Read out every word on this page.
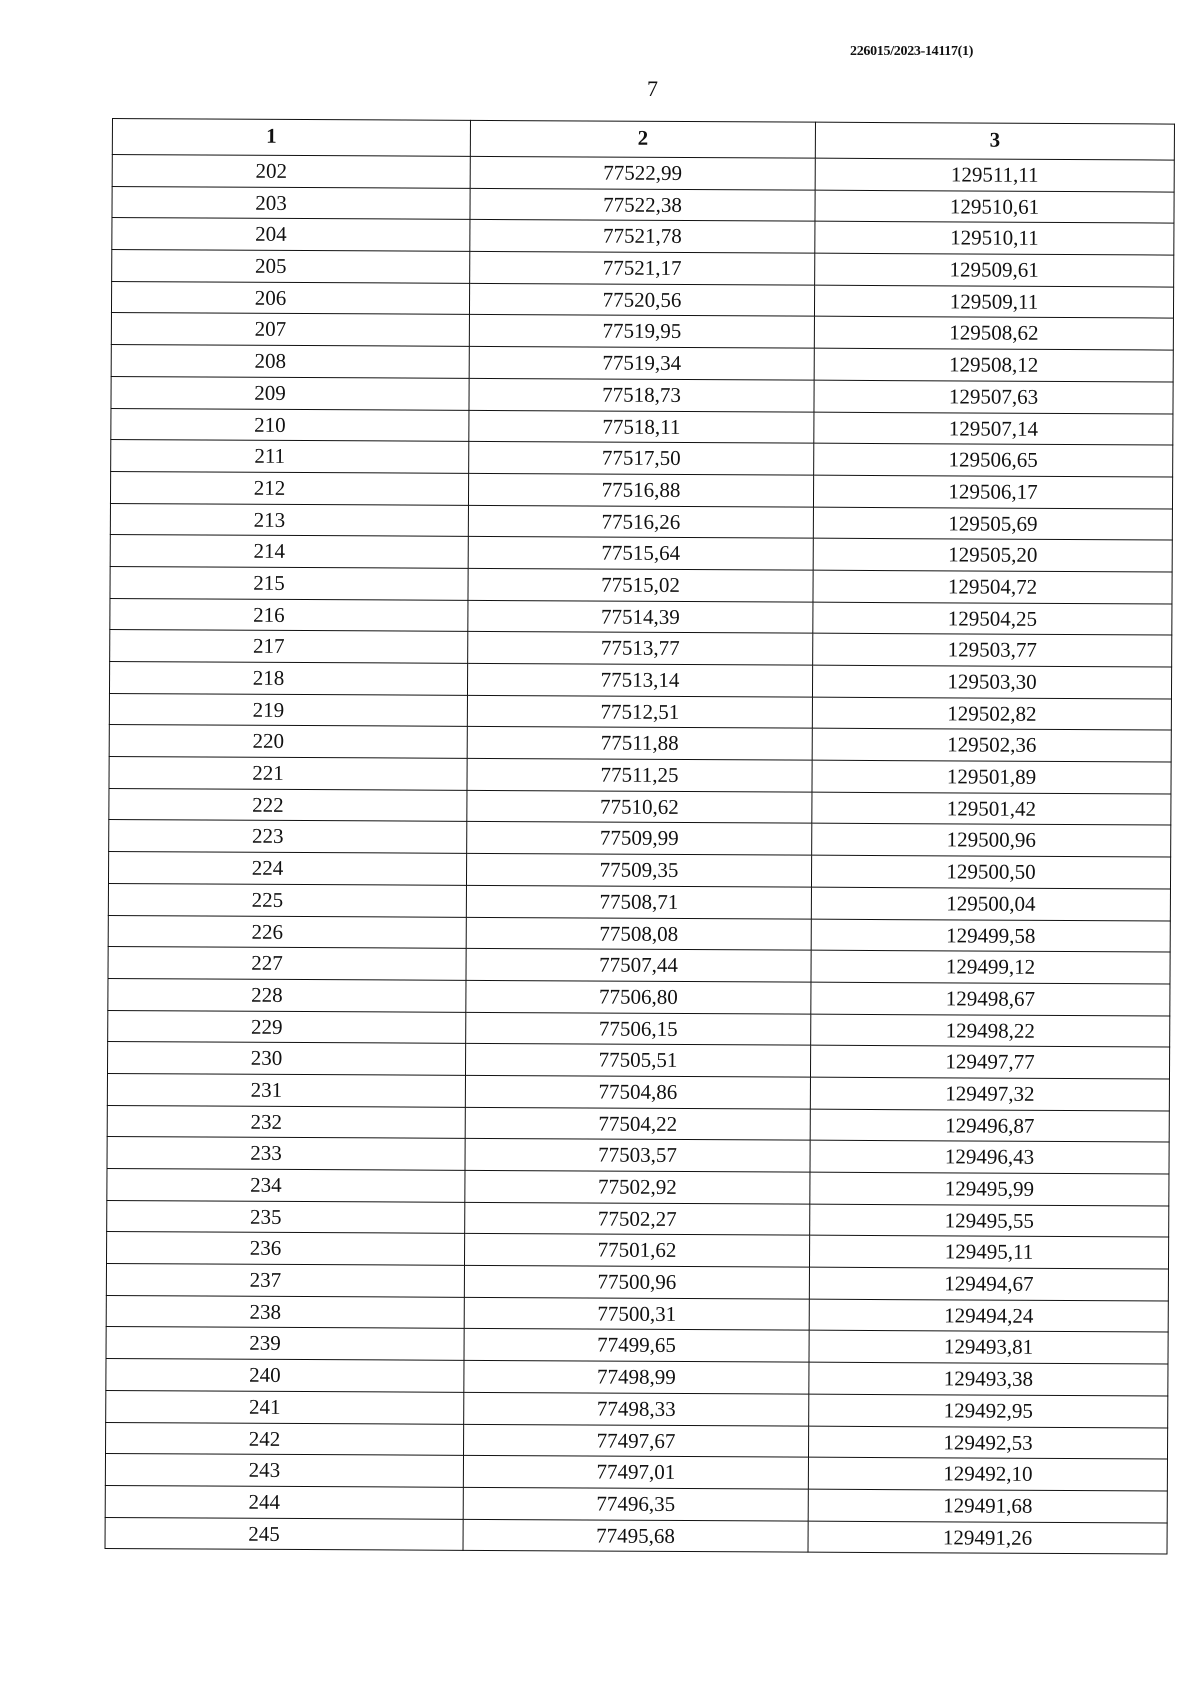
226015/2023-14117(1)
7
1	2	3
202	77522,99	129511,11
203	77522,38	129510,61
204	77521,78	129510,11
205	77521,17	129509,61
206	77520,56	129509,11
207	77519,95	129508,62
208	77519,34	129508,12
209	77518,73	129507,63
210	77518,11	129507,14
211	77517,50	129506,65
212	77516,88	129506,17
213	77516,26	129505,69
214	77515,64	129505,20
215	77515,02	129504,72
216	77514,39	129504,25
217	77513,77	129503,77
218	77513,14	129503,30
219	77512,51	129502,82
220	77511,88	129502,36
221	77511,25	129501,89
222	77510,62	129501,42
223	77509,99	129500,96
224	77509,35	129500,50
225	77508,71	129500,04
226	77508,08	129499,58
227	77507,44	129499,12
228	77506,80	129498,67
229	77506,15	129498,22
230	77505,51	129497,77
231	77504,86	129497,32
232	77504,22	129496,87
233	77503,57	129496,43
234	77502,92	129495,99
235	77502,27	129495,55
236	77501,62	129495,11
237	77500,96	129494,67
238	77500,31	129494,24
239	77499,65	129493,81
240	77498,99	129493,38
241	77498,33	129492,95
242	77497,67	129492,53
243	77497,01	129492,10
244	77496,35	129491,68
245	77495,68	129491,26
